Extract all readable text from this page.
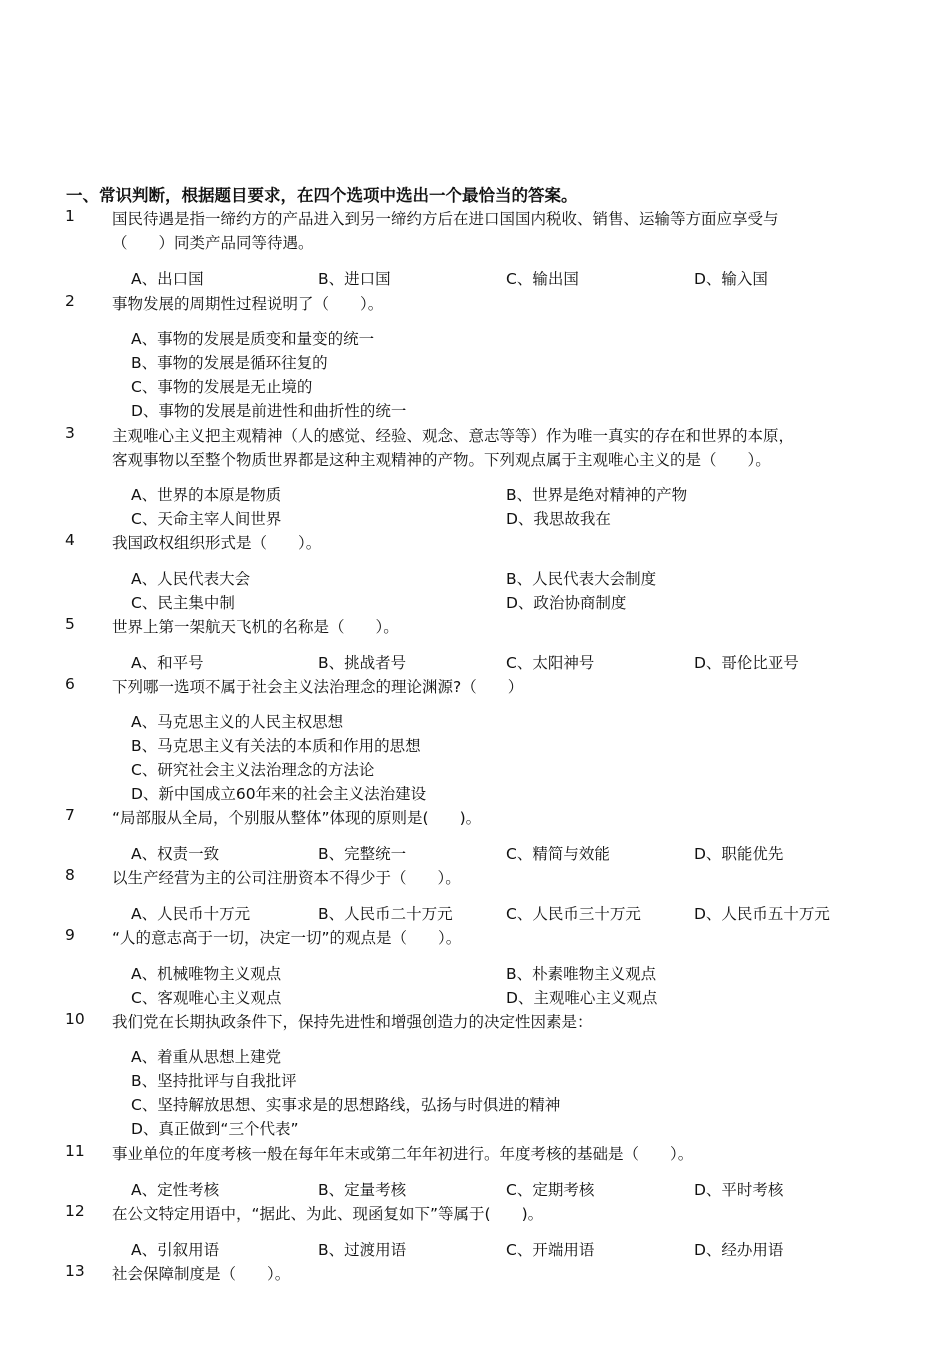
一、常识判断，根据题目要求，在四个选项中选出一个最恰当的答案。
1 国民待遇是指一缔约方的产品进入到另一缔约方后在进口国国内税收、销售、运输等方面应享受与
（　　）同类产品同等待遇。
A、出口国	B、进口国	C、输出国	D、输入国
2 事物发展的周期性过程说明了（　　）。
A、事物的发展是质变和量变的统一
B、事物的发展是循环往复的
C、事物的发展是无止境的
D、事物的发展是前进性和曲折性的统一
3 主观唯心主义把主观精神（人的感觉、经验、观念、意志等等）作为唯一真实的存在和世界的本原，
客观事物以至整个物质世界都是这种主观精神的产物。下列观点属于主观唯心主义的是（　　）。
A、世界的本原是物质	B、世界是绝对精神的产物
C、天命主宰人间世界	D、我思故我在
4 我国政权组织形式是（　　）。
A、人民代表大会	B、人民代表大会制度
C、民主集中制	D、政治协商制度
5 世界上第一架航天飞机的名称是（　　）。
A、和平号	B、挑战者号	C、太阳神号	D、哥伦比亚号
6 下列哪一选项不属于社会主义法治理念的理论渊源?（　　）
A、马克思主义的人民主权思想
B、马克思主义有关法的本质和作用的思想
C、研究社会主义法治理念的方法论
D、新中国成立60年来的社会主义法治建设
7 “局部服从全局，个别服从整体”体现的原则是(　　)。
A、权责一致	B、完整统一	C、精简与效能	D、职能优先
8 以生产经营为主的公司注册资本不得少于（　　）。
A、人民币十万元	B、人民币二十万元	C、人民币三十万元	D、人民币五十万元
9 “人的意志高于一切，决定一切”的观点是（　　）。
A、机械唯物主义观点	B、朴素唯物主义观点
C、客观唯心主义观点	D、主观唯心主义观点
10 我们党在长期执政条件下，保持先进性和增强创造力的决定性因素是：
A、着重从思想上建党
B、坚持批评与自我批评
C、坚持解放思想、实事求是的思想路线，弘扬与时俱进的精神
D、真正做到“三个代表”
11 事业单位的年度考核一般在每年年末或第二年年初进行。年度考核的基础是（　　）。
A、定性考核	B、定量考核	C、定期考核	D、平时考核
12 在公文特定用语中，“据此、为此、现函复如下”等属于(　　)。
A、引叙用语	B、过渡用语	C、开端用语	D、经办用语
13 社会保障制度是（　　）。
